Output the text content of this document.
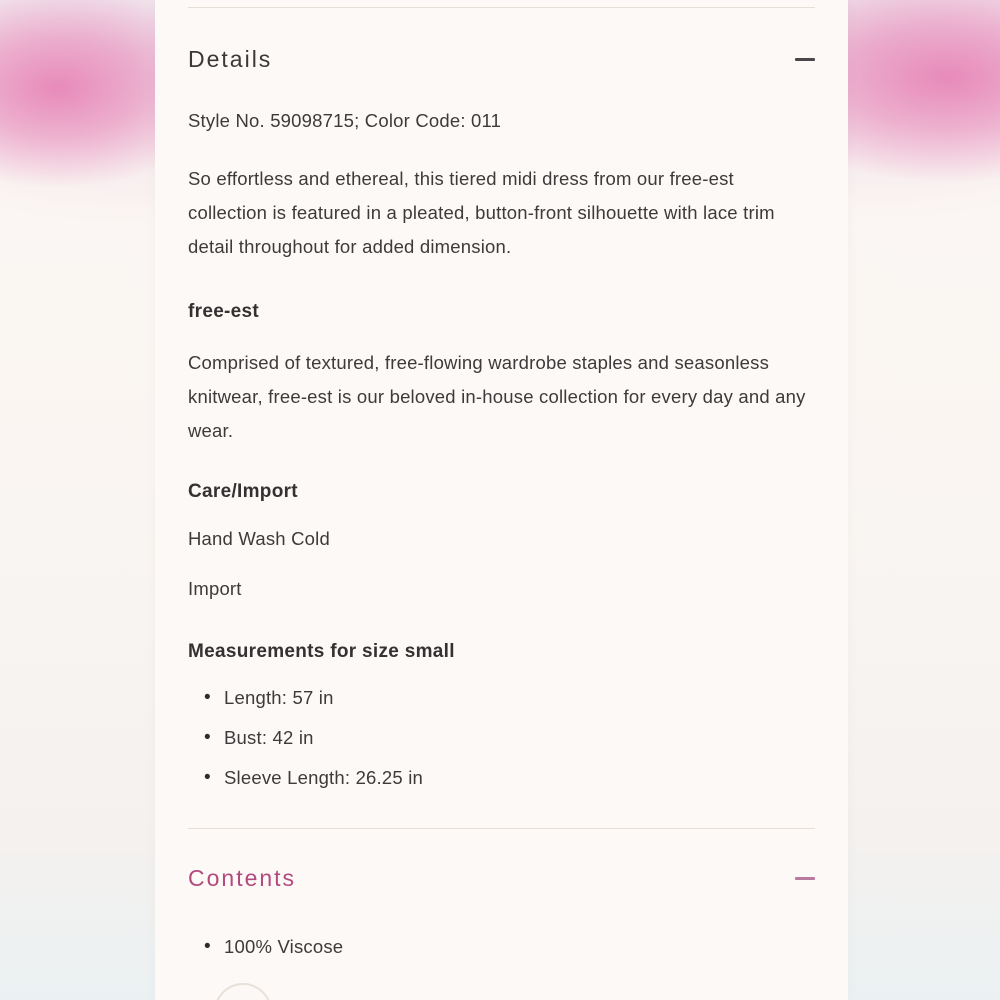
Details

Style No. 59098715; Color Code: 011

So effortless and ethereal, this tiered midi dress from our free-est collection is featured in a pleated, button-front silhouette with lace trim detail throughout for added dimension.

free-est

Comprised of textured, free-flowing wardrobe staples and seasonless knitwear, free-est is our beloved in-house collection for every day and any wear.

Care/Import

Hand Wash Cold

Import

Measurements for size small
• Length: 57 in
• Bust: 42 in
• Sleeve Length: 26.25 in
Contents
• 100% Viscose
